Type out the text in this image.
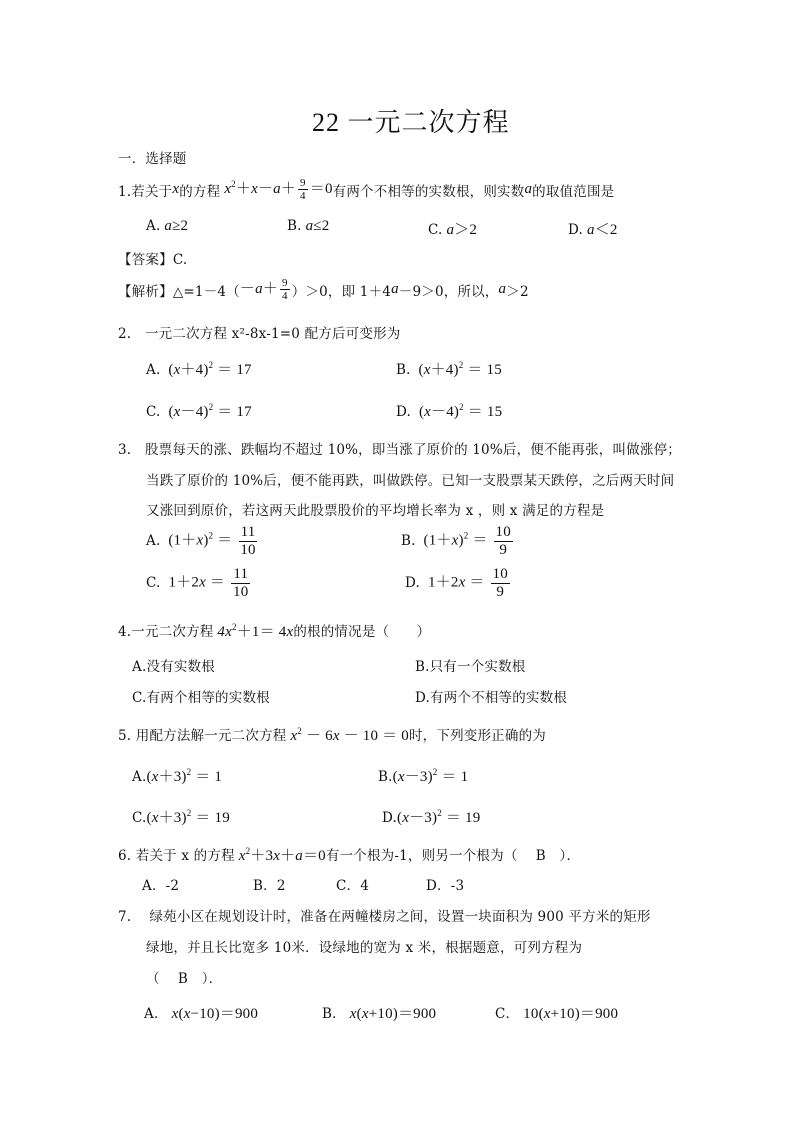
22 一元二次方程
一．选择题
1.若关于 x 的方程 $x^2+x-a+ \frac{9}{4} =0$ 有两个不相等的实数根，则实数 a 的取值范围是
A. a≥2	B. a≤2	C. a＞2	D. a＜2
【答案】C.
【解析】 △=1－4（ $-a+ \frac{9}{4} )>0$，即 1＋4 a －9＞0，所以， a ＞2
2.　一元二次方程 x²-8x-1=0 配方后可变形为
A.  $(x+4)^2 = 17$	B.  $(x+4)^2 = 15$
C.  $(x-4)^2 = 17$	D.  $(x-4)^2 = 15$
3.　股票每天的涨、跌幅均不超过 10%，即当涨了原价的 10%后，便不能再张，叫做涨停；
当跌了原价的 10%后，便不能再跌，叫做跌停。已知一支股票某天跌停，之后两天时间
又涨回到原价，若这两天此股票股价的平均增长率为 x ，则 x 满足的方程是
A. $(1+x)^2 = \frac{11}{10}$	B. $(1+x)^2 = \frac{10}{9}$
C. $1+2x = \frac{11}{10}$	D. $1+2x = \frac{10}{9}$
4.一元二次方程 $4x^2+1= 4x$的根的情况是（　　）
A.没有实数根	B.只有一个实数根
C.有两个相等的实数根	D.有两个不相等的实数根
5. 用配方法解一元二次方程 $x^2 - 6x - 10 = 0$时，下列变形正确的为
$A.(x+3)^2 = 1$	$B.(x-3)^2 = 1$
$C.(x+3)^2 = 19$	$D.(x-3)^2 = 19$
6. 若关于 x 的方程 $x^2+3x+a=0$有一个根为-1，则另一个根为（　 B　）．
A．-2	B．2	C．4	D．-3
7.　 绿苑小区在规划设计时，准备在两幢楼房之间，设置一块面积为 900 平方米的矩形
绿地，并且长比宽多 10米．设绿地的宽为 x 米，根据题意，可列方程为
（　 B　）．
A． x(x−10)＝900	B． x(x+10)＝900	C． 10(x+10)＝900
